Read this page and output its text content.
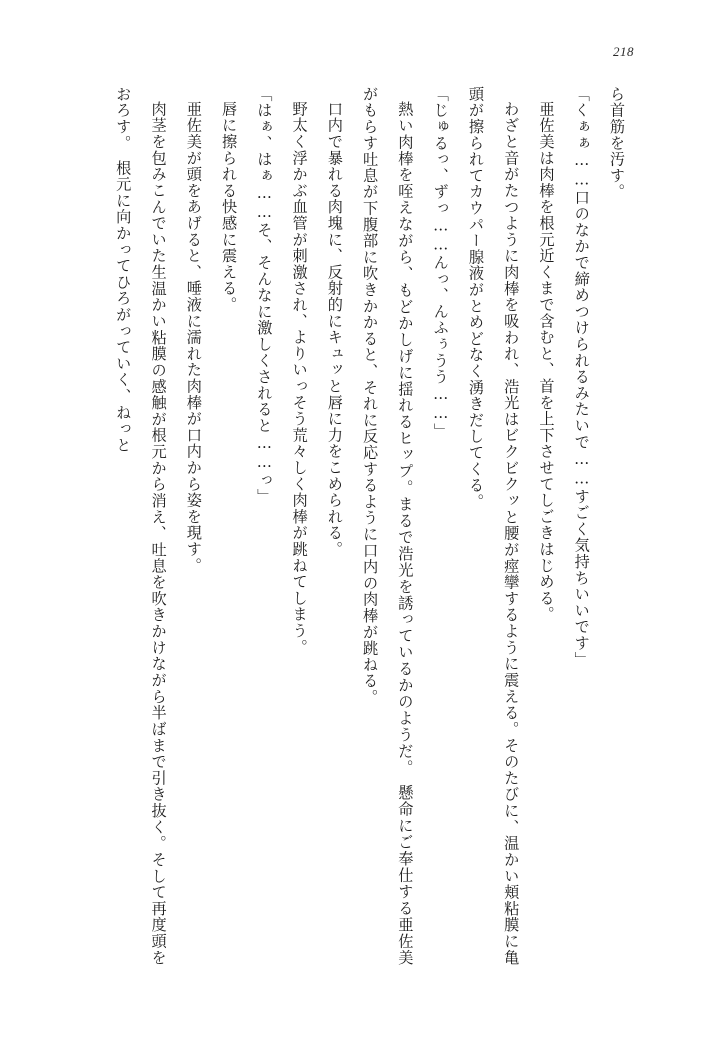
218

ら首筋を汚す。

「くぁぁ……口のなかで締めつけられるみたいで……すごく気持ちいいです」

亜佐美は肉棒を根元近くまで含むと、首を上下させてしごきはじめる。

わざと音がたつように肉棒を吸われ、浩光はビクビクッと腰が痙攣するように震える。そのたびに、温かい頬粘膜に亀頭が擦られてカウパー腺液がとめどなく湧きだしてくる。

「じゅるっ、ずっ……んっ、んふぅうう……」

熱い肉棒を咥えながら、もどかしげに揺れるヒップ。まるで浩光を誘っているかのようだ。　懸命にご奉仕する亜佐美がもらす吐息が下腹部に吹きかかると、それに反応するように口内の肉棒が跳ねる。

口内で暴れる肉塊に、反射的にキュッと唇に力をこめられる。

野太く浮かぶ血管が刺激され、よりいっそう荒々しく肉棒が跳ねてしまう。

「はぁ、はぁ……そ、そんなに激しくされると……っ」

唇に擦られる快感に震える。

亜佐美が頭をあげると、唾液に濡れた肉棒が口内から姿を現す。

肉茎を包みこんでいた生温かい粘膜の感触が根元から消え、吐息を吹きかけながら半ばまで引き抜く。そして再度頭をおろす。　根元に向かってひろがっていく、ねっと
